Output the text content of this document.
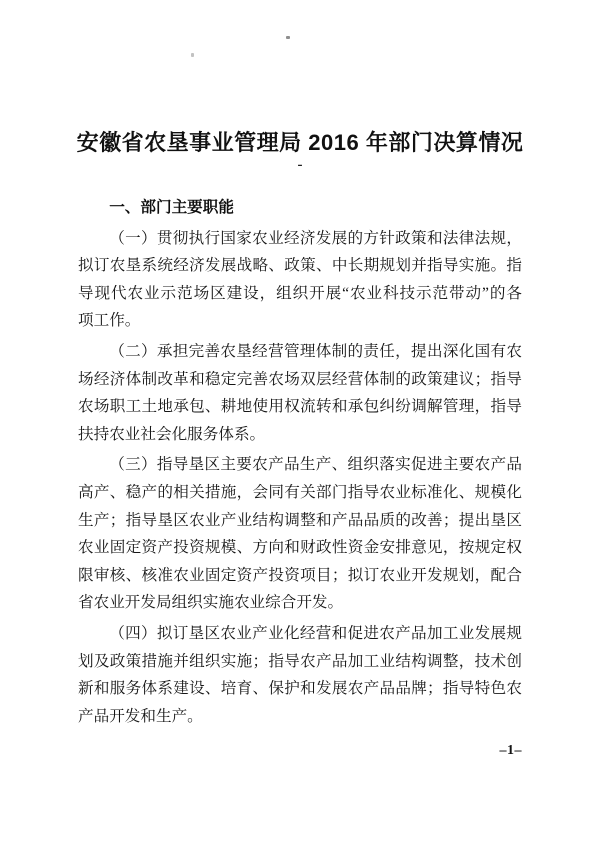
安徽省农垦事业管理局 2016 年部门决算情况
-
一、部门主要职能
（一）贯彻执行国家农业经济发展的方针政策和法律法规，
拟订农垦系统经济发展战略、政策、中长期规划并指导实施。指
导现代农业示范场区建设，组织开展“农业科技示范带动”的各
项工作。
（二）承担完善农垦经营管理体制的责任，提出深化国有农
场经济体制改革和稳定完善农场双层经营体制的政策建议；指导
农场职工土地承包、耕地使用权流转和承包纠纷调解管理，指导
扶持农业社会化服务体系。
（三）指导垦区主要农产品生产、组织落实促进主要农产品
高产、稳产的相关措施，会同有关部门指导农业标准化、规模化
生产；指导垦区农业产业结构调整和产品品质的改善；提出垦区
农业固定资产投资规模、方向和财政性资金安排意见，按规定权
限审核、核准农业固定资产投资项目；拟订农业开发规划，配合
省农业开发局组织实施农业综合开发。
（四）拟订垦区农业产业化经营和促进农产品加工业发展规
划及政策措施并组织实施；指导农产品加工业结构调整，技术创
新和服务体系建设、培育、保护和发展农产品品牌；指导特色农
产品开发和生产。
–1–
